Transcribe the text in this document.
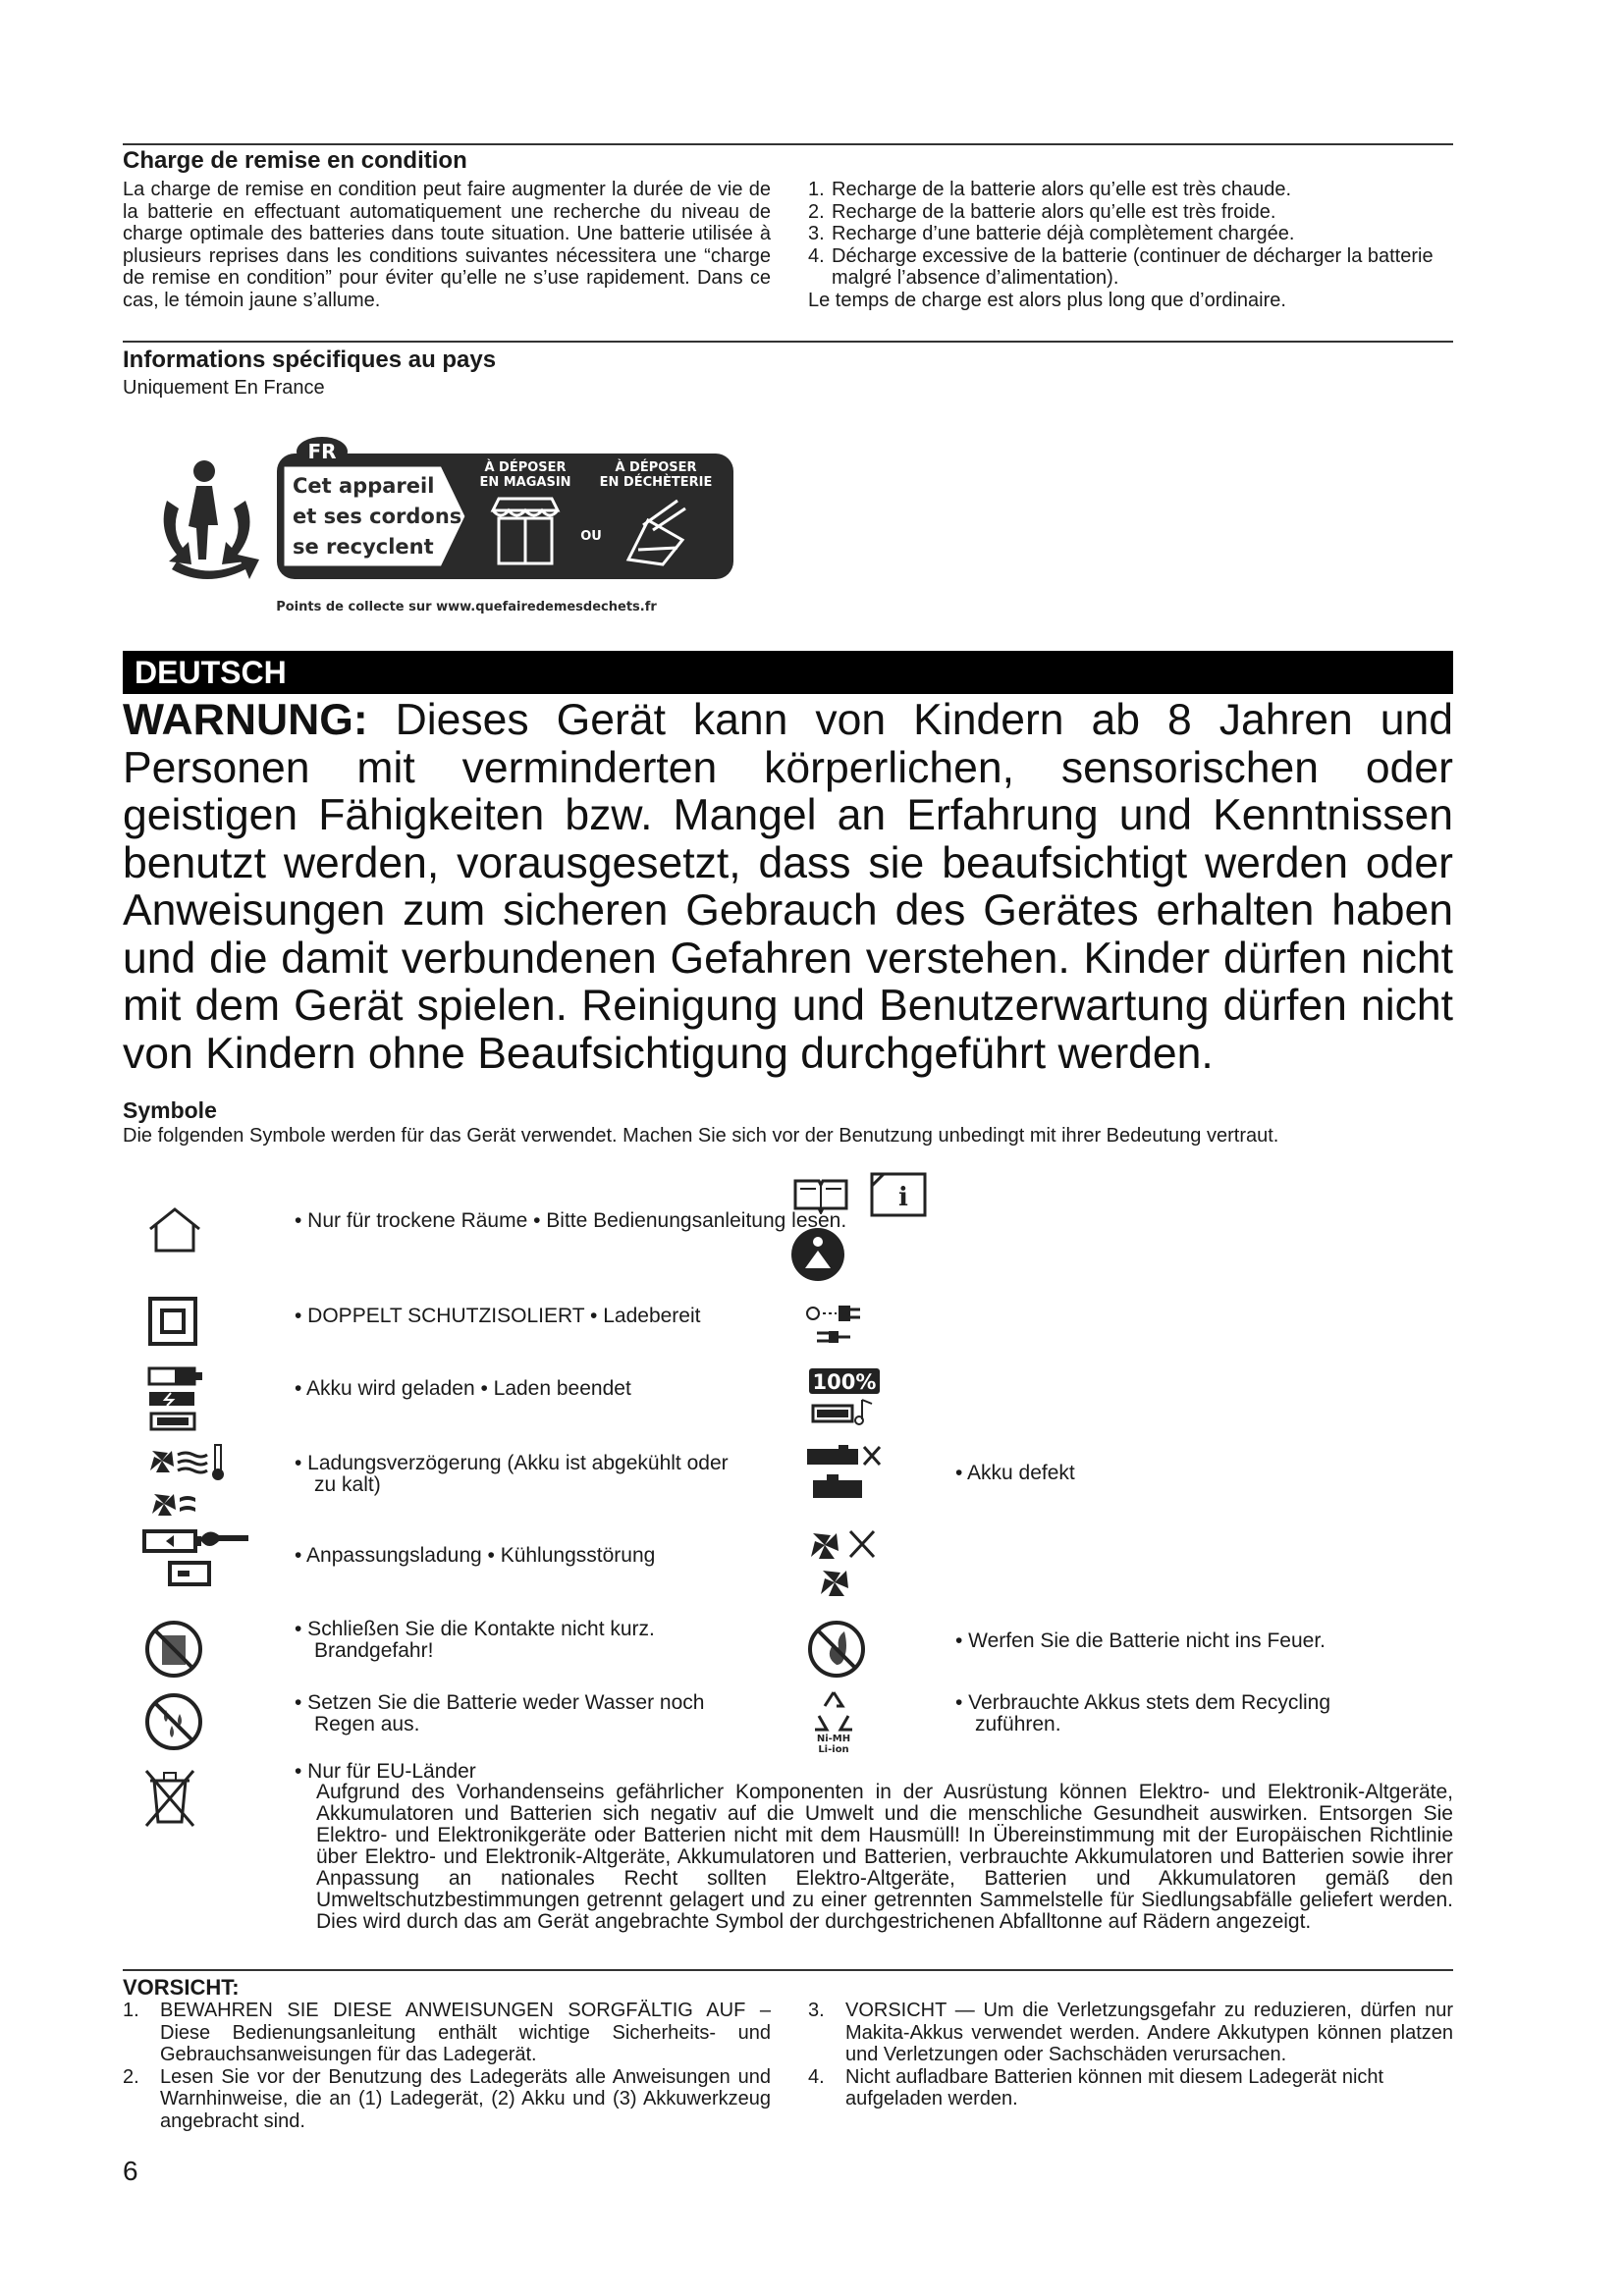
Charge de remise en condition
La charge de remise en condition peut faire augmenter la durée de vie de la batterie en effectuant automatiquement une recherche du niveau de charge optimale des batteries dans toute situation. Une batterie utilisée à plusieurs reprises dans les conditions suivantes nécessitera une “charge de remise en condition” pour éviter qu’elle ne s’use rapidement. Dans ce cas, le témoin jaune s’allume.
1. Recharge de la batterie alors qu’elle est très chaude.
2. Recharge de la batterie alors qu’elle est très froide.
3. Recharge d’une batterie déjà complètement chargée.
4. Décharge excessive de la batterie (continuer de décharger la batterie malgré l’absence d’alimentation).
Le temps de charge est alors plus long que d’ordinaire.
Informations spécifiques au pays
Uniquement En France
FR
Cet appareil
et ses cordons
se recyclent
À DÉPOSER
EN MAGASIN
À DÉPOSER
EN DÉCHÈTERIE
OU
Points de collecte sur www.quefairedemesdechets.fr
DEUTSCH
WARNUNG: Dieses Gerät kann von Kindern ab 8 Jahren und Personen mit verminderten körperlichen, sensorischen oder geistigen Fähigkeiten bzw. Mangel an Erfahrung und Kenntnissen benutzt werden, vorausgesetzt, dass sie beaufsichtigt werden oder Anweisungen zum sicheren Gebrauch des Gerätes erhalten haben und die damit verbundenen Gefahren verstehen. Kinder dürfen nicht mit dem Gerät spielen. Reinigung und Benutzerwartung dürfen nicht von Kindern ohne Beaufsichtigung durchgeführt werden.
Symbole
Die folgenden Symbole werden für das Gerät verwendet. Machen Sie sich vor der Benutzung unbedingt mit ihrer Bedeutung vertraut.
i
• Nur für trockene Räume • Bitte Bedienungsanleitung lesen.
• DOPPELT SCHUTZISOLIERT • Ladebereit
100%
• Akku wird geladen • Laden beendet
• Ladungsverzögerung (Akku ist abgekühlt oder
zu kalt)
• Akku defekt
• Anpassungsladung • Kühlungsstörung
• Schließen Sie die Kontakte nicht kurz.
Brandgefahr!	• Werfen Sie die Batterie nicht ins Feuer.
Ni-MH
Li-ion
• Setzen Sie die Batterie weder Wasser noch
Regen aus.
• Verbrauchte Akkus stets dem Recycling
zuführen.
• Nur für EU-Länder
Aufgrund des Vorhandenseins gefährlicher Komponenten in der Ausrüstung können Elektro- und Elektronik-Altgeräte, Akkumulatoren und Batterien sich negativ auf die Umwelt und die menschliche Gesundheit auswirken. Entsorgen Sie Elektro- und Elektronikgeräte oder Batterien nicht mit dem Hausmüll! In Übereinstimmung mit der Europäischen Richtlinie über Elektro- und Elektronik-Altgeräte, Akkumulatoren und Batterien, verbrauchte Akkumulatoren und Batterien sowie ihrer Anpassung an nationales Recht sollten Elektro-Altgeräte, Batterien und Akkumulatoren gemäß den Umweltschutzbestimmungen getrennt gelagert und zu einer getrennten Sammelstelle für Siedlungsabfälle geliefert werden. Dies wird durch das am Gerät angebrachte Symbol der durchgestrichenen Abfalltonne auf Rädern angezeigt.
VORSICHT:
1. BEWAHREN SIE DIESE ANWEISUNGEN SORGFÄLTIG AUF – Diese Bedienungsanleitung enthält wichtige Sicherheits- und Gebrauchsanweisungen für das Ladegerät.
2. Lesen Sie vor der Benutzung des Ladegeräts alle Anweisungen und Warnhinweise, die an (1) Ladegerät, (2) Akku und (3) Akkuwerkzeug angebracht sind.
3. VORSICHT — Um die Verletzungsgefahr zu reduzieren, dürfen nur Makita-Akkus verwendet werden. Andere Akkutypen können platzen und Verletzungen oder Sachschäden verursachen.
4. Nicht aufladbare Batterien können mit diesem Ladegerät nicht aufgeladen werden.
6
